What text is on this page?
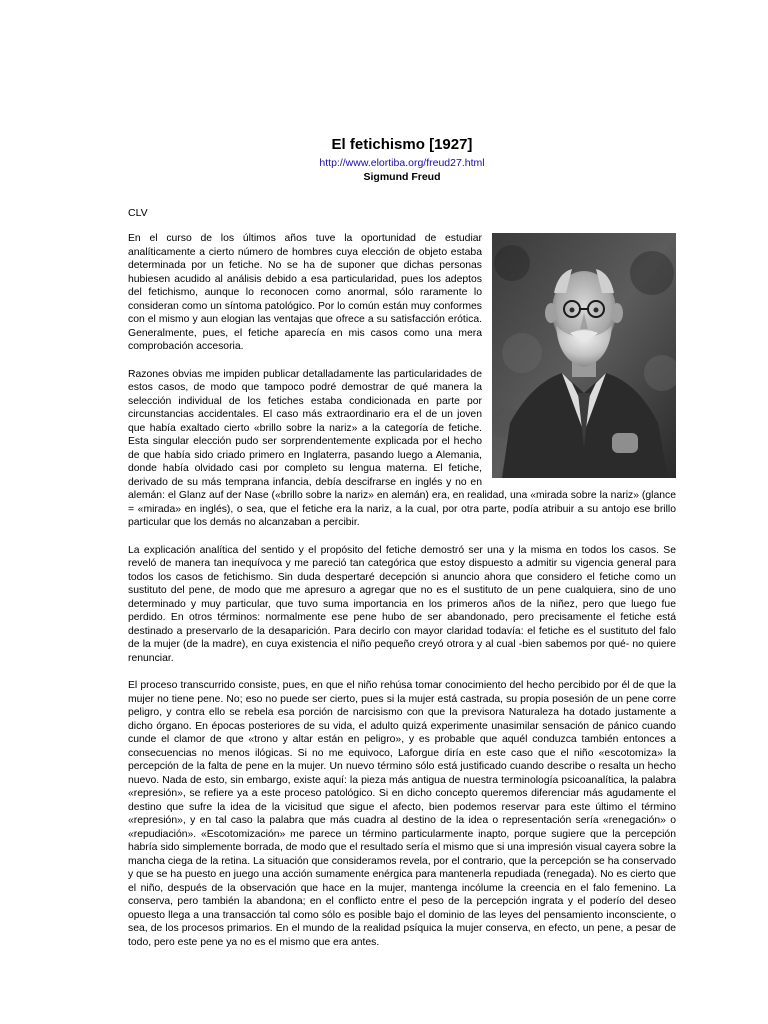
El fetichismo [1927]
http://www.elortiba.org/freud27.html
Sigmund Freud
CLV

En el curso de los últimos años tuve la oportunidad de estudiar analíticamente a cierto número de hombres cuya elección de objeto estaba determinada por un fetiche. No se ha de suponer que dichas personas hubiesen acudido al análisis debido a esa particularidad, pues los adeptos del fetichismo, aunque lo reconocen como anormal, sólo raramente lo consideran como un síntoma patológico. Por lo común están muy conformes con el mismo y aun elogian las ventajas que ofrece a su satisfacción erótica. Generalmente, pues, el fetiche aparecía en mis casos como una mera comprobación accesoria.

Razones obvias me impiden publicar detalladamente las particularidades de estos casos, de modo que tampoco podré demostrar de qué manera la selección individual de los fetiches estaba condicionada en parte por circunstancias accidentales. El caso más extraordinario era el de un joven que había exaltado cierto «brillo sobre la nariz» a la categoría de fetiche. Esta singular elección pudo ser sorprendentemente explicada por el hecho de que había sido criado primero en Inglaterra, pasando luego a Alemania, donde había olvidado casi por completo su lengua materna. El fetiche, derivado de su más temprana infancia, debía descifrarse en inglés y no en alemán: el Glanz auf der Nase («brillo sobre la nariz» en alemán) era, en realidad, una «mirada sobre la nariz» (glance = «mirada» en inglés), o sea, que el fetiche era la nariz, a la cual, por otra parte, podía atribuir a su antojo ese brillo particular que los demás no alcanzaban a percibir.

La explicación analítica del sentido y el propósito del fetiche demostró ser una y la misma en todos los casos. Se reveló de manera tan inequívoca y me pareció tan categórica que estoy dispuesto a admitir su vigencia general para todos los casos de fetichismo. Sin duda despertaré decepción si anuncio ahora que considero el fetiche como un sustituto del pene, de modo que me apresuro a agregar que no es el sustituto de un pene cualquiera, sino de uno determinado y muy particular, que tuvo suma importancia en los primeros años de la niñez, pero que luego fue perdido. En otros términos: normalmente ese pene hubo de ser abandonado, pero precisamente el fetiche está destinado a preservarlo de la desaparición. Para decirlo con mayor claridad todavía: el fetiche es el sustituto del falo de la mujer (de la madre), en cuya existencia el niño pequeño creyó otrora y al cual -bien sabemos por qué- no quiere renunciar.

El proceso transcurrido consiste, pues, en que el niño rehúsa tomar conocimiento del hecho percibido por él de que la mujer no tiene pene. No; eso no puede ser cierto, pues si la mujer está castrada, su propia posesión de un pene corre peligro, y contra ello se rebela esa porción de narcisismo con que la previsora Naturaleza ha dotado justamente a dicho órgano. En épocas posteriores de su vida, el adulto quizá experimente unasimilar sensación de pánico cuando cunde el clamor de que «trono y altar están en peligro», y es probable que aquél conduzca también entonces a consecuencias no menos ilógicas. Si no me equivoco, Laforgue diría en este caso que el niño «escotomiza» la percepción de la falta de pene en la mujer. Un nuevo término sólo está justificado cuando describe o resalta un hecho nuevo. Nada de esto, sin embargo, existe aquí: la pieza más antigua de nuestra terminología psicoanalítica, la palabra «represión», se refiere ya a este proceso patológico. Si en dicho concepto queremos diferenciar más agudamente el destino que sufre la idea de la vicisitud que sigue el afecto, bien podemos reservar para este último el término «represión», y en tal caso la palabra que más cuadra al destino de la idea o representación sería «renegación» o «repudiación». «Escotomización» me parece un término particularmente inapto, porque sugiere que la percepción habría sido simplemente borrada, de modo que el resultado sería el mismo que si una impresión visual cayera sobre la mancha ciega de la retina. La situación que consideramos revela, por el contrario, que la percepción se ha conservado y que se ha puesto en juego una acción sumamente enérgica para mantenerla repudiada (renegada). No es cierto que el niño, después de la observación que hace en la mujer, mantenga incólume la creencia en el falo femenino. La conserva, pero también la abandona; en el conflicto entre el peso de la percepción ingrata y el poderío del deseo opuesto llega a una transacción tal como sólo es posible bajo el dominio de las leyes del pensamiento inconsciente, o sea, de los procesos primarios. En el mundo de la realidad psíquica la mujer conserva, en efecto, un pene, a pesar de todo, pero este pene ya no es el mismo que era antes.
